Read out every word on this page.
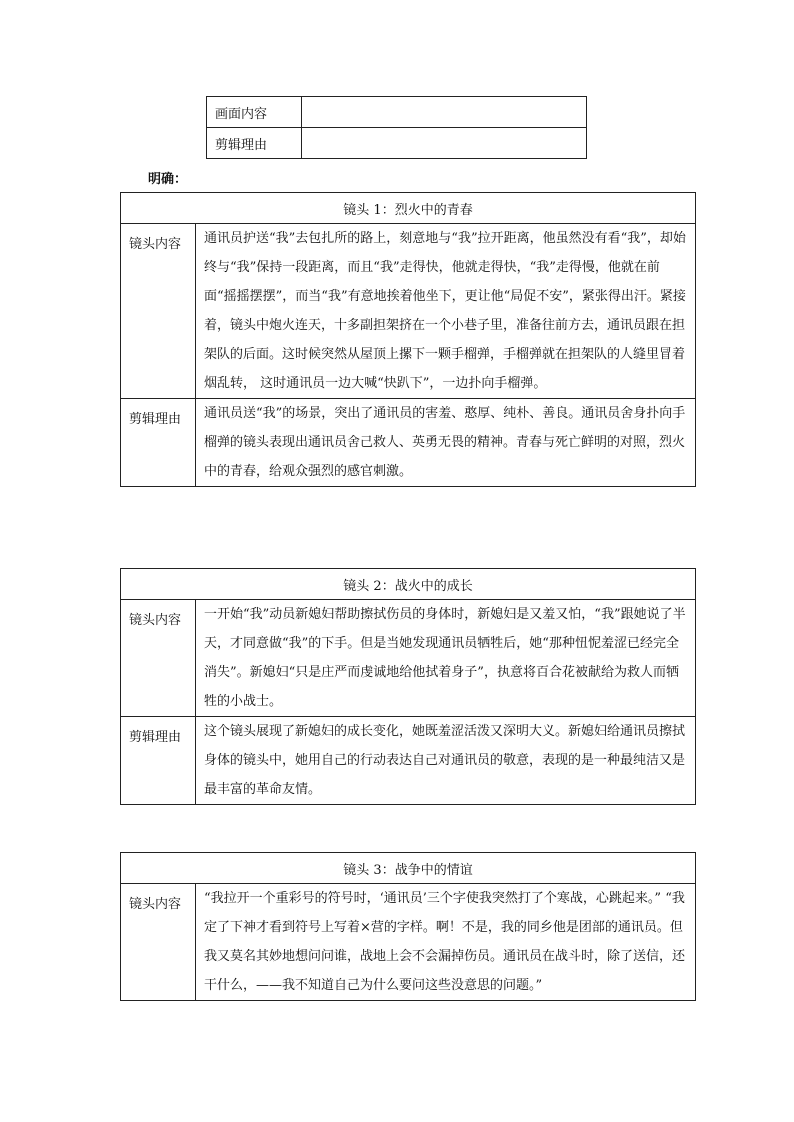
画面内容	
剪辑理由	
明确：
镜头 1：烈火中的青春	
镜头内容	通讯员护送“我”去包扎所的路上，刻意地与“我”拉开距离，他虽然没有看“我”，却始终与“我”保持一段距离，而且“我”走得快，他就走得快，“我”走得慢，他就在前面“摇摇摆摆”，而当“我”有意地挨着他坐下，更让他“局促不安”，紧张得出汗。紧接着，镜头中炮火连天，十多副担架挤在一个小巷子里，准备往前方去，通讯员跟在担架队的后面。这时候突然从屋顶上摞下一颗手榴弹，手榴弹就在担架队的人缝里冒着烟乱转， 这时通讯员一边大喊“快趴下”，一边扑向手榴弹。
剪辑理由	通讯员送“我”的场景，突出了通讯员的害羞、憨厚、纯朴、善良。通讯员舍身扑向手榴弹的镜头表现出通讯员舍己救人、英勇无畏的精神。青春与死亡鲜明的对照，烈火中的青春，给观众强烈的感官刺激。
镜头 2：战火中的成长	
镜头内容	一开始“我”动员新媳妇帮助擦拭伤员的身体时，新媳妇是又羞又怕，“我”跟她说了半天，才同意做“我”的下手。但是当她发现通讯员牺牲后，她“那种忸怩羞涩已经完全消失”。新媳妇“只是庄严而虔诚地给他拭着身子”，执意将百合花被献给为救人而牺牲的小战士。
剪辑理由	这个镜头展现了新媳妇的成长变化，她既羞涩活泼又深明大义。新媳妇给通讯员擦拭身体的镜头中，她用自己的行动表达自己对通讯员的敬意，表现的是一种最纯洁又是最丰富的革命友情。
镜头 3：战争中的情谊
镜头内容	“我拉开一个重彩号的符号时，‘通讯员’三个字使我突然打了个寒战，心跳起来。” “我定了下神才看到符号上写着×营的字样。啊！不是，我的同乡他是团部的通讯员。但我又莫名其妙地想问问谁，战地上会不会漏掉伤员。通讯员在战斗时，除了送信，还干什么，——我不知道自己为什么要问这些没意思的问题。”
